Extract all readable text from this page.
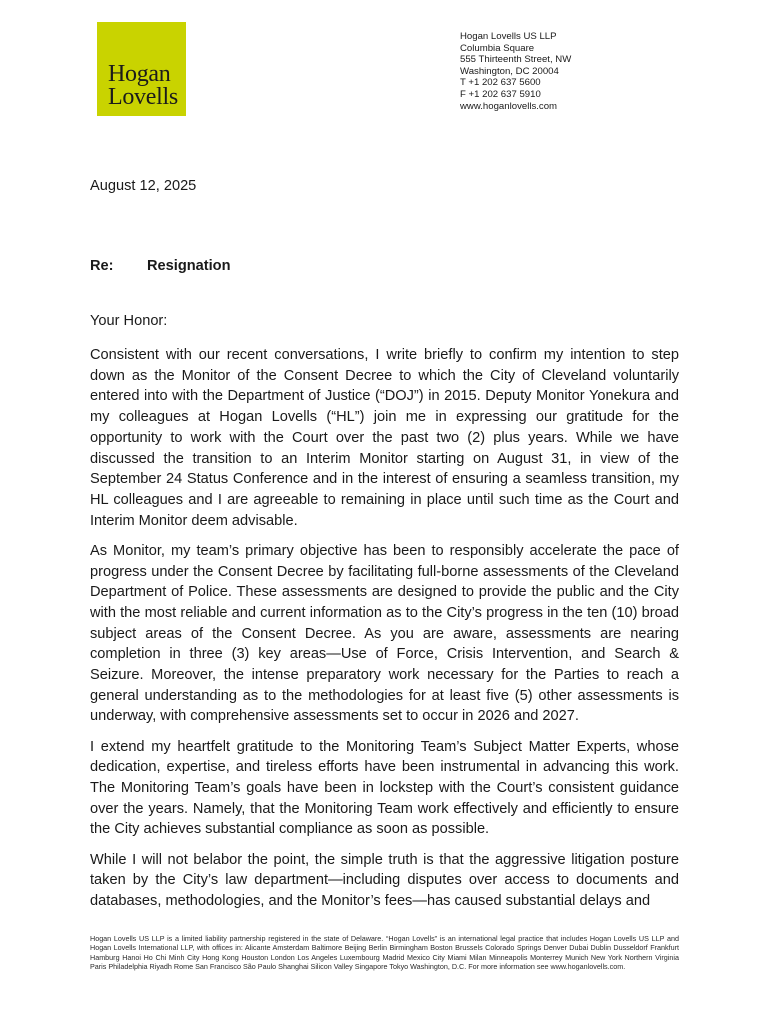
Hogan
Lovells
Hogan Lovells US LLP
Columbia Square
555 Thirteenth Street, NW
Washington, DC 20004
T +1 202 637 5600
F +1 202 637 5910
www.hoganlovells.com
August 12, 2025
Re: Resignation
Your Honor:

Consistent with our recent conversations, I write briefly to confirm my intention to step down as the Monitor of the Consent Decree to which the City of Cleveland voluntarily entered into with the Department of Justice (“DOJ”) in 2015. Deputy Monitor Yonekura and my colleagues at Hogan Lovells (“HL”) join me in expressing our gratitude for the opportunity to work with the Court over the past two (2) plus years. While we have discussed the transition to an Interim Monitor starting on August 31, in view of the September 24 Status Conference and in the interest of ensuring a seamless transition, my HL colleagues and I are agreeable to remaining in place until such time as the Court and Interim Monitor deem advisable.

As Monitor, my team’s primary objective has been to responsibly accelerate the pace of progress under the Consent Decree by facilitating full-borne assessments of the Cleveland Department of Police. These assessments are designed to provide the public and the City with the most reliable and current information as to the City’s progress in the ten (10) broad subject areas of the Consent Decree. As you are aware, assessments are nearing completion in three (3) key areas—Use of Force, Crisis Intervention, and Search & Seizure. Moreover, the intense preparatory work necessary for the Parties to reach a general understanding as to the methodologies for at least five (5) other assessments is underway, with comprehensive assessments set to occur in 2026 and 2027.

I extend my heartfelt gratitude to the Monitoring Team’s Subject Matter Experts, whose dedication, expertise, and tireless efforts have been instrumental in advancing this work. The Monitoring Team’s goals have been in lockstep with the Court’s consistent guidance over the years. Namely, that the Monitoring Team work effectively and efficiently to ensure the City achieves substantial compliance as soon as possible.

While I will not belabor the point, the simple truth is that the aggressive litigation posture taken by the City’s law department—including disputes over access to documents and databases, methodologies, and the Monitor’s fees—has caused substantial delays and

Hogan Lovells US LLP is a limited liability partnership registered in the state of Delaware. “Hogan Lovells” is an international legal practice that includes Hogan Lovells US LLP and Hogan Lovells International LLP, with offices in: Alicante Amsterdam Baltimore Beijing Berlin Birmingham Boston Brussels Colorado Springs Denver Dubai Dublin Dusseldorf Frankfurt Hamburg Hanoi Ho Chi Minh City Hong Kong Houston London Los Angeles Luxembourg Madrid Mexico City Miami Milan Minneapolis Monterrey Munich New York Northern Virginia Paris Philadelphia Riyadh Rome San Francisco São Paulo Shanghai Silicon Valley Singapore Tokyo Washington, D.C. For more information see www.hoganlovells.com.
